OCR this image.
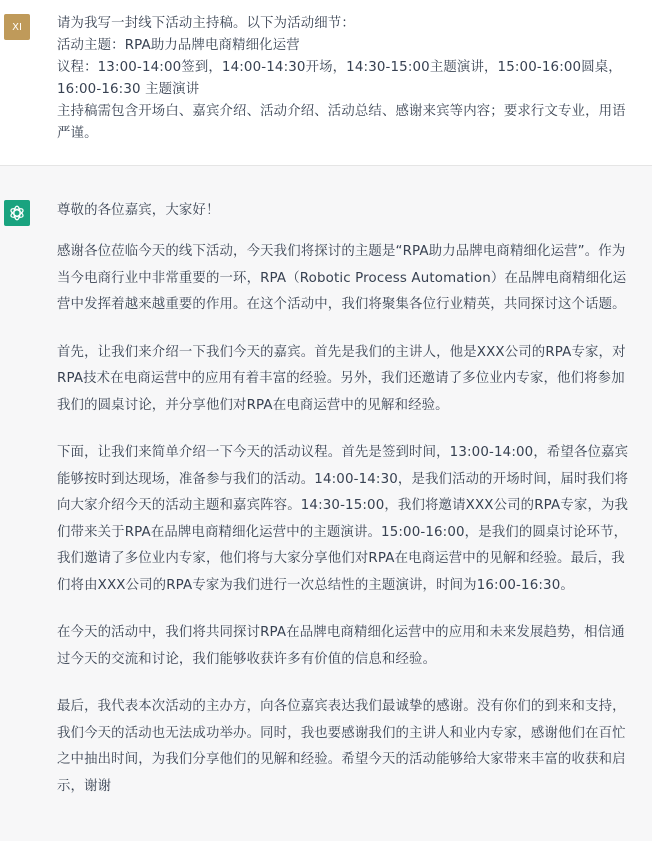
XI	请为我写一封线下活动主持稿。以下为活动细节：

活动主题：RPA助力品牌电商精细化运营

议程：13:00-14:00签到，14:00-14:30开场，14:30-15:00主题演讲，15:00-16:00圆桌，16:00-16:30 主题演讲

主持稿需包含开场白、嘉宾介绍、活动介绍、活动总结、感谢来宾等内容；要求行文专业，用语严谨。

尊敬的各位嘉宾，大家好！

感谢各位莅临今天的线下活动，今天我们将探讨的主题是“RPA助力品牌电商精细化运营”。作为当今电商行业中非常重要的一环，RPA（Robotic Process Automation）在品牌电商精细化运营中发挥着越来越重要的作用。在这个活动中，我们将聚集各位行业精英，共同探讨这个话题。

首先，让我们来介绍一下我们今天的嘉宾。首先是我们的主讲人，他是XXX公司的RPA专家，对RPA技术在电商运营中的应用有着丰富的经验。另外，我们还邀请了多位业内专家，他们将参加我们的圆桌讨论，并分享他们对RPA在电商运营中的见解和经验。

下面，让我们来简单介绍一下今天的活动议程。首先是签到时间，13:00-14:00，希望各位嘉宾能够按时到达现场，准备参与我们的活动。14:00-14:30，是我们活动的开场时间，届时我们将向大家介绍今天的活动主题和嘉宾阵容。14:30-15:00，我们将邀请XXX公司的RPA专家，为我们带来关于RPA在品牌电商精细化运营中的主题演讲。15:00-16:00，是我们的圆桌讨论环节，我们邀请了多位业内专家，他们将与大家分享他们对RPA在电商运营中的见解和经验。最后，我们将由XXX公司的RPA专家为我们进行一次总结性的主题演讲，时间为16:00-16:30。

在今天的活动中，我们将共同探讨RPA在品牌电商精细化运营中的应用和未来发展趋势，相信通过今天的交流和讨论，我们能够收获许多有价值的信息和经验。

最后，我代表本次活动的主办方，向各位嘉宾表达我们最诚挚的感谢。没有你们的到来和支持，我们今天的活动也无法成功举办。同时，我也要感谢我们的主讲人和业内专家，感谢他们在百忙之中抽出时间，为我们分享他们的见解和经验。希望今天的活动能够给大家带来丰富的收获和启示，谢谢
